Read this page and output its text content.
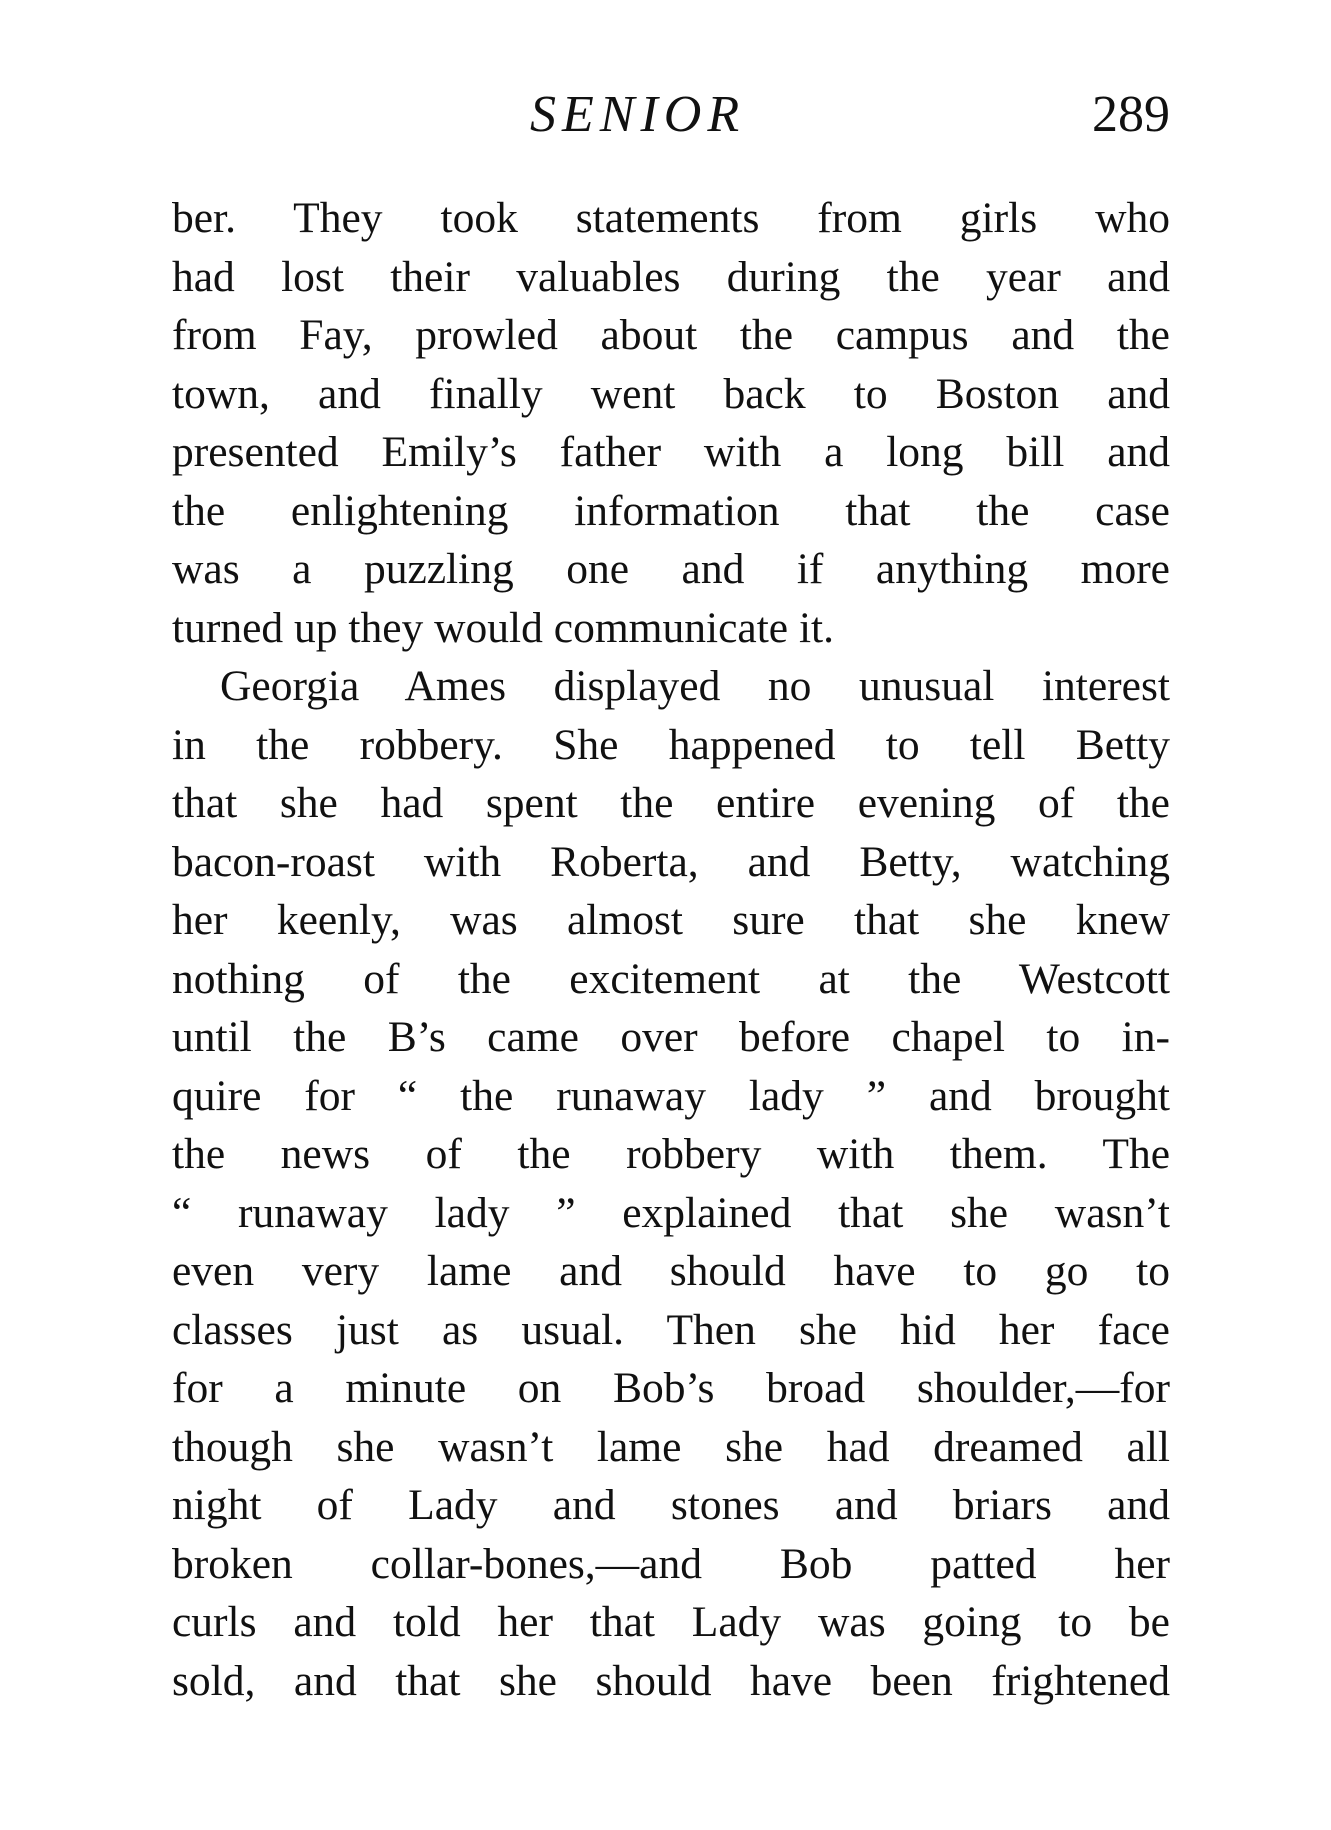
SENIOR	289

ber. They took statements from girls who
had lost their valuables during the year and
from Fay, prowled about the campus and the
town, and finally went back to Boston and
presented Emily’s father with a long bill and
the enlightening information that the case
was a puzzling one and if anything more
turned up they would communicate it.

Georgia Ames displayed no unusual interest
in the robbery. She happened to tell Betty
that she had spent the entire evening of the
bacon-roast with Roberta, and Betty, watching
her keenly, was almost sure that she knew
nothing of the excitement at the Westcott
until the B’s came over before chapel to in-
quire for “ the runaway lady ” and brought
the news of the robbery with them. The
“ runaway lady ” explained that she wasn’t
even very lame and should have to go to
classes just as usual. Then she hid her face
for a minute on Bob’s broad shoulder,—for
though she wasn’t lame she had dreamed all
night of Lady and stones and briars and
broken collar-bones,—and Bob patted her
curls and told her that Lady was going to be
sold, and that she should have been frightened
